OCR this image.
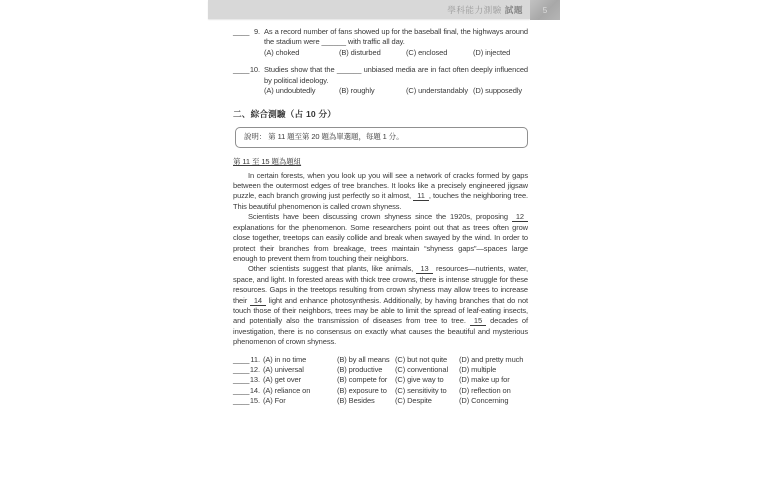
學科能力測驗 試題	5
____ 9. As a record number of fans showed up for the baseball final, the highways around the stadium were ______ with traffic all day.
(A) choked	(B) disturbed	(C) enclosed	(D) injected
____ 10. Studies show that the ______ unbiased media are in fact often deeply influenced by political ideology.
(A) undoubtedly	(B) roughly	(C) understandably (D) supposedly
二、綜合測驗（占 10 分）
說明： 第 11 題至第 20 題為單選題，每題 1 分。
第 11 至 15 題為題組

In certain forests, when you look up you will see a network of cracks formed by gaps between the outermost edges of tree branches. It looks like a precisely engineered jigsaw puzzle, each branch growing just perfectly so it almost, 11 , touches the neighboring tree. This beautiful phenomenon is called crown shyness.

Scientists have been discussing crown shyness since the 1920s, proposing 12 explanations for the phenomenon. Some researchers point out that as trees often grow close together, treetops can easily collide and break when swayed by the wind. In order to protect their branches from breakage, trees maintain “shyness gaps”—spaces large enough to prevent them from touching their neighbors.

Other scientists suggest that plants, like animals, 13 resources—nutrients, water, space, and light. In forested areas with thick tree crowns, there is intense struggle for these resources. Gaps in the treetops resulting from crown shyness may allow trees to increase their 14 light and enhance photosynthesis. Additionally, by having branches that do not touch those of their neighbors, trees may be able to limit the spread of leaf-eating insects, and potentially also the transmission of diseases from tree to tree. 15 decades of investigation, there is no consensus on exactly what causes the beautiful and mysterious phenomenon of crown shyness.

____ 11. (A) in no time	(B) by all means (C) but not quite	(D) and pretty much
____ 12. (A) universal	(B) productive	(C) conventional	(D) multiple
____ 13. (A) get over	(B) compete for	(C) give way to	(D) make up for
____ 14. (A) reliance on	(B) exposure to	(C) sensitivity to	(D) reflection on
____ 15. (A) For	(B) Besides	(C) Despite	(D) Concerning
